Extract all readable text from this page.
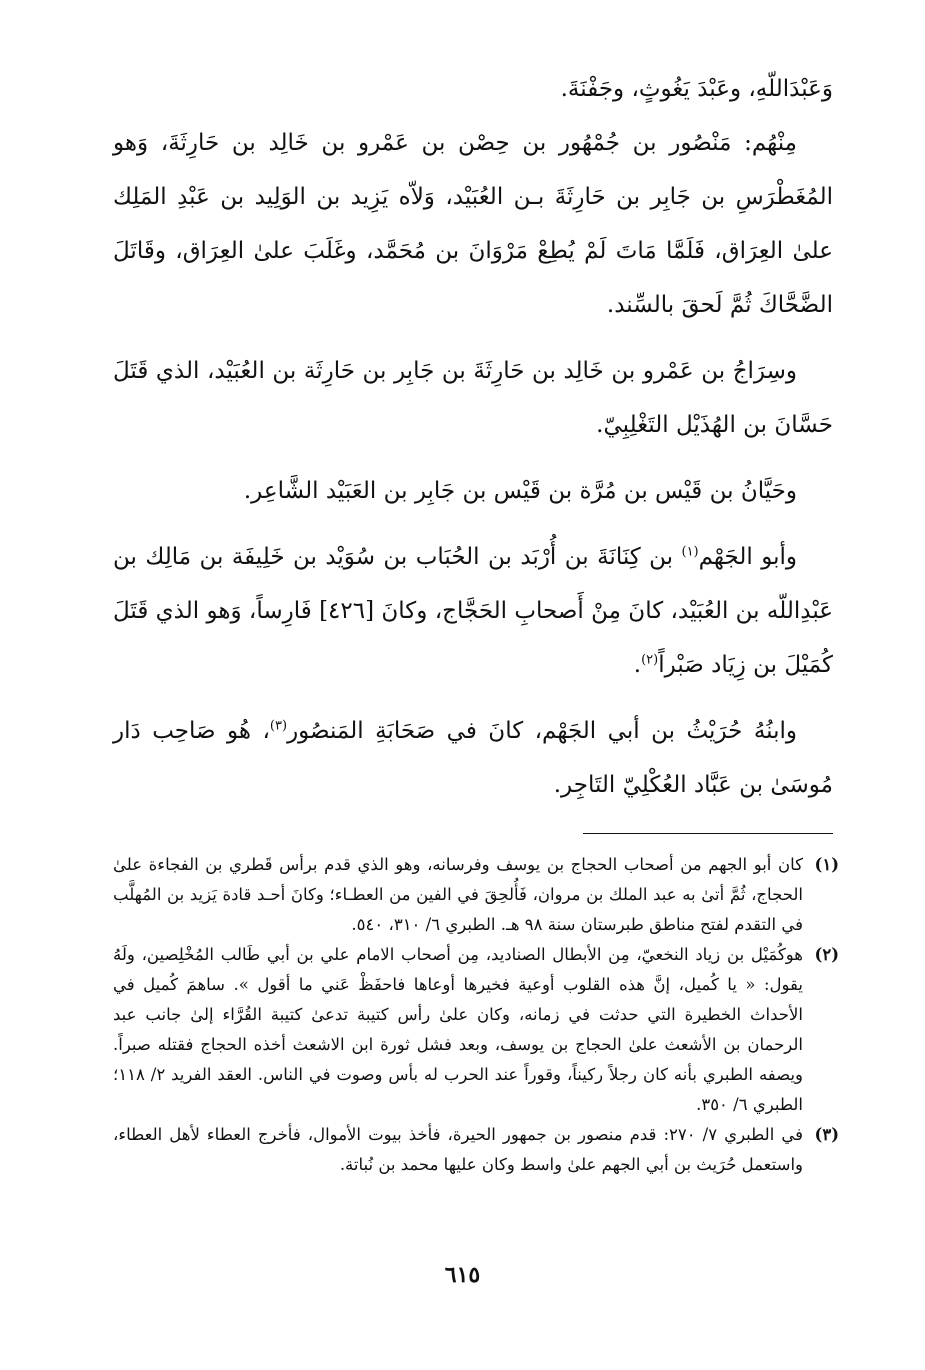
وَعَبْدَاللّهِ، وعَبْدَ يَغُوثٍ، وجَفْنَةَ.

مِنْهُم: مَنْصُور بن جُمْهُور بن حِصْن بن عَمْرو بن خَالِد بن حَارِثَةَ، وَهو المُغَطْرَسِ بن جَابِر بن حَارِثَةَ بـن العُبَيْد، وَلاّه يَزِيد بن الوَلِيد بن عَبْدِ المَلِك علىٰ العِرَاق، فَلَمَّا مَاتَ لَمْ يُطِعْ مَرْوَانَ بن مُحَمَّد، وغَلَبَ علىٰ العِرَاق، وقَاتَلَ الضَّحَّاكَ ثُمَّ لَحقَ بالسِّند.

وسِرَاجُ بن عَمْرو بن خَالِد بن حَارِثَةَ بن جَابِر بن حَارِثَة بن العُبَيْد، الذي قَتَلَ حَسَّانَ بن الهُذَيْل التَغْلِبِيّ.

وحَيَّانُ بن قَيْس بن مُرَّة بن قَيْس بن جَابِر بن العَبَيْد الشَّاعِر.

وأبو الجَهْم$^{(١)}$ بن كِنَانَةَ بن أُرْبَد بن الحُبَاب بن سُوَيْد بن خَلِيفَة بن مَالِك بن عَبْدِاللّه بن العُبَيْد، كانَ مِنْ أَصحابِ الحَجَّاج، وكانَ [٤٢٦] فَارِساً، وَهو الذي قَتَلَ كُمَيْلَ بن زِيَاد صَبْراً$^{(٢)}$.

وابنُهُ حُرَيْثُ بن أبي الجَهْم، كانَ في صَحَابَةِ المَنصُور$^{(٣)}$، هُو صَاحِب دَار مُوسَىٰ بن عَبَّاد العُكْلِيّ التَاجِر.

(١)
كان أبو الجهم من أصحاب الحجاج بن يوسف وفرسانه، وهو الذي قدم برأس قَطري بن الفجاءة علىٰ الحجاج، ثُمَّ أتىٰ به عبد الملك بن مروان، فَأُلحِقَ في الفين من العطـاء؛ وكانَ أحـد قادة يَزيد بن المُهلَّب في التقدم لفتح مناطق طبرستان سنة ٩٨ هـ. الطبري ٦/ ٣١٠، ٥٤٠.

(٢)
هوكُمَيْل بن زياد النخعيّ، مِن الأبطال الصناديد، مِن أصحاب الامام علي بن أبي طَالب المُخْلِصين، ولَهُ يقول: « يا كُميل، إنَّ هذه القلوب أوعية فخيرها أوعاها فاحفَظْ عَني ما أقول ». ساهمَ كُميل في الأحداث الخطيرة التي حدثت في زمانه، وكان علىٰ رأس كتيبة تدعىٰ كتيبة القُرَّاء إلىٰ جانب عبد الرحمان بن الأشعث علىٰ الحجاج بن يوسف، وبعد فشل ثورة ابن الاشعث أخذه الحجاج فقتله صبراً. ويصفه الطبري بأنه كان رجلاً ركيناً، وقوراً عند الحرب له بأس وصوت في الناس. العقد الفريد ٢/ ١١٨؛ الطبري ٦/ ٣٥٠.

(٣)
في الطبري ٧/ ٢٧٠: قدم منصور بن جمهور الحيرة، فأخذ بيوت الأموال، فأخرج العطاء لأهل العطاء، واستعمل حُرَيث بن أبي الجهم علىٰ واسط وكان عليها محمد بن نُباتة.

٦١٥
